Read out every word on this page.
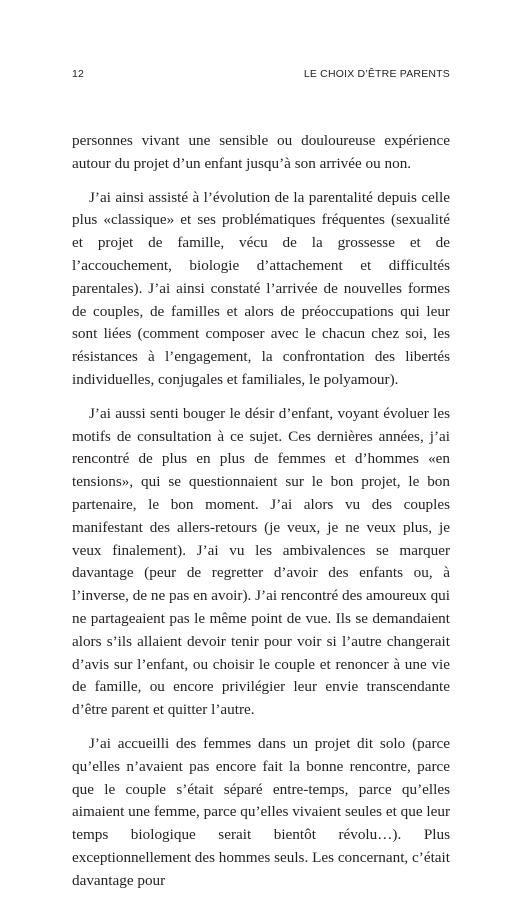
12	LE CHOIX D’ÊTRE PARENTS

personnes vivant une sensible ou douloureuse expérience autour du projet d’un enfant jusqu’à son arrivée ou non.

J’ai ainsi assisté à l’évolution de la parentalité depuis celle plus «classique» et ses problématiques fréquentes (sexualité et projet de famille, vécu de la grossesse et de l’accouchement, biologie d’attachement et difficultés parentales). J’ai ainsi constaté l’arrivée de nouvelles formes de couples, de familles et alors de préoccupations qui leur sont liées (comment composer avec le chacun chez soi, les résistances à l’engagement, la confrontation des libertés individuelles, conjugales et familiales, le polyamour).

J’ai aussi senti bouger le désir d’enfant, voyant évoluer les motifs de consultation à ce sujet. Ces dernières années, j’ai rencontré de plus en plus de femmes et d’hommes «en tensions», qui se questionnaient sur le bon projet, le bon partenaire, le bon moment. J’ai alors vu des couples manifestant des allers-retours (je veux, je ne veux plus, je veux finalement). J’ai vu les ambivalences se marquer davantage (peur de regretter d’avoir des enfants ou, à l’inverse, de ne pas en avoir). J’ai rencontré des amoureux qui ne partageaient pas le même point de vue. Ils se demandaient alors s’ils allaient devoir tenir pour voir si l’autre changerait d’avis sur l’enfant, ou choisir le couple et renoncer à une vie de famille, ou encore privilégier leur envie transcendante d’être parent et quitter l’autre.

J’ai accueilli des femmes dans un projet dit solo (parce qu’elles n’avaient pas encore fait la bonne rencontre, parce que le couple s’était séparé entre-temps, parce qu’elles aimaient une femme, parce qu’elles vivaient seules et que leur temps biologique serait bientôt révolu…). Plus exceptionnellement des hommes seuls. Les concernant, c’était davantage pour
